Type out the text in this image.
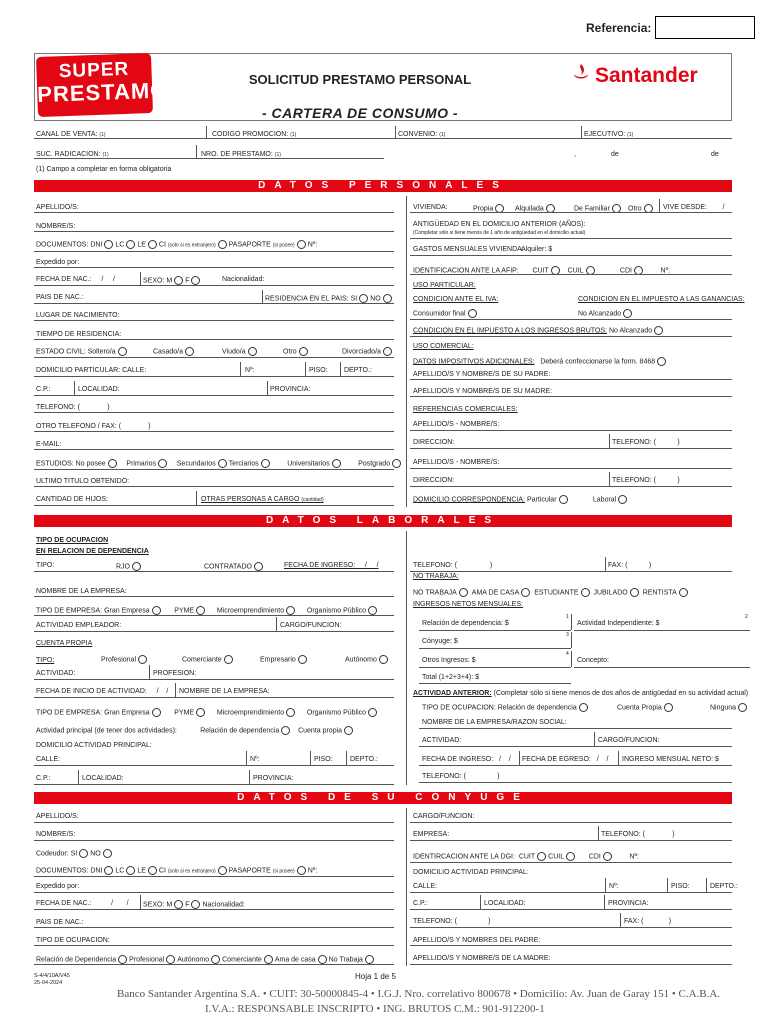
Referencia:
SUPER
PRESTAMO	SOLICITUD PRESTAMO PERSONAL
- CARTERA DE CONSUMO -
Santander
CANAL DE VENTA: (1)	CODIGO PROMOCION: (1)	CONVENIO: (1)	EJECUTIVO: (1)
SUC. RADICACION: (1)	NRO. DE PRESTAMO: (1)	,	de	de
(1) Campo a completar en forma obligatoria
DATOS PERSONALES
APELLIDO/S:
NOMBRE/S:
DOCUMENTOS: DNI LC LE CI (solo si es extranjero) PASAPORTE (si posee) Nº:
Expedido por:
FECHA DE NAC.: / /	SEXO: M F	Nacionalidad:
PAIS DE NAC.:	RESIDENCIA EN EL PAIS: SI NO
LUGAR DE NACIMIENTO:
TIEMPO DE RESIDENCIA:
ESTADO CIVIL: Soltero/a	Casado/a	Viudo/a	Otro	Divorciado/a
DOMICILIO PARTICULAR: CALLE:	Nº:	PISO: DEPTO.:
C.P.:	LOCALIDAD:	PROVINCIA:
TELEFONO: (	)
OTRO TELEFONO / FAX: (	)
E-MAIL:
ESTUDIOS: No posee	Primarios	Secundarios Terciarios	Universitarios	Postgrado
ULTIMO TITULO OBTENIDO:
CANTIDAD DE HIJOS:	OTRAS PERSONAS A CARGO (cantidad)
VIVIENDA:	Propia	Alquilada	De Familiar	Otro	VIVE DESDE: /
ANTIGÜEDAD EN EL DOMICILIO ANTERIOR (AÑOS):
(Completar sólo si tiene menos de 1 año de antigüedad en el domicilio actual)
GASTOS MENSUALES VIVIENDA:
Alquiler: $
IDENTIFICACION ANTE LA AFIP: CUIT	CUIL	CDI	Nº:
USO PARTICULAR:
CONDICION ANTE EL IVA:
Consumidor final
CONDICION EN EL IMPUESTO A LAS GANANCIAS:
No Alcanzado
CONDICION EN EL IMPUESTO A LOS INGRESOS BRUTOS: No Alcanzado
USO COMERCIAL:
DATOS IMPOSITIVOS ADICIONALES: Deberá confeccionarse la form. 8468
APELLIDO/S Y NOMBRE/S DE SU PADRE:
APELLIDO/S Y NOMBRE/S DE SU MADRE:
REFERENCIAS COMERCIALES:
APELLIDO/S - NOMBRE/S:
DIRECCION:	TELEFONO: (	)
APELLIDO/S - NOMBRE/S:
DIRECCION:	TELEFONO: (	)
DOMICILIO CORRESPONDENCIA: Particular	Laboral
DATOS LABORALES
TIPO DE OCUPACION
EN RELACION DE DEPENDENCIA
TIPO:	RJO	CONTRATADO	FECHA DE INGRESO: / /
NOMBRE DE LA EMPRESA:
TIPO DE EMPRESA: Gran Empresa	PYME	Microemprendimiento	Organismo Público
ACTIVIDAD EMPLEADOR:	CARGO/FUNCION:
CUENTA PROPIA
TIPO:	Profesional	Comerciante	Empresario	Autónomo
ACTIVIDAD:	PROFESION:
FECHA DE INICIO DE ACTIVIDAD: / / NOMBRE DE LA EMPRESA:
TIPO DE EMPRESA: Gran Empresa	PYME	Microemprendimiento	Organismo Público
Actividad principal (de tener dos actividades):	Relación de dependencia	Cuenta propia
DOMICILIO ACTIVIDAD PRINCIPAL:
CALLE:	Nº:	PISO: DEPTO.:
C.P.:	LOCALIDAD:	PROVINCIA:
TELEFONO: (	)	FAX: (	)
NO TRABAJA:
NO TRABAJA AMA DE CASA ESTUDIANTE JUBILADO RENTISTA
INGRESOS NETOS MENSUALES:
Relación de dependencia: $
1
Actividad Independiente: $
2
Cónyuge: $
3
Otros Ingresos: $
4
Concepto:
Total (1+2+3+4): $
ACTIVIDAD ANTERIOR: (Completar sólo si tiene menos de dos años de antigüedad en su actividad actual)
TIPO DE OCUPACION: Relación de dependencia	Cuenta Propia	Ninguna
NOMBRE DE LA EMPRESA/RAZON SOCIAL:
ACTIVIDAD:	CARGO/FUNCION:
FECHA DE INGRESO: / / FECHA DE EGRESO: / / INGRESO MENSUAL NETO: $
TELEFONO: (	)
DATOS DE SU CONYUGE
APELLIDO/S:
NOMBRE/S:
Codeudor: SI NO
DOCUMENTOS: DNI LC LE CI (solo si es extranjero) PASAPORTE (si posee) Nº:
Expedido por:
FECHA DE NAC.:	/ / SEXO: M F Nacionalidad:
PAIS DE NAC.:
TIPO DE OCUPACION:
Relación de Dependencia Profesional Autónomo Comerciante Ama de casa No Trabaja
CARGO/FUNCION:
EMPRESA:	TELEFONO: (	)
IDENTIRCACION ANTE LA DGI: CUIT CUIL	CDI	Nº:
DOMICILIO ACTIVIDAD PRINCIPAL:
CALLE:	Nº:	PISO:	DEPTO.:
C.P.:	LOCALIDAD:	PROVINCIA:
TELEFONO: (	)	FAX: (	)
APELLIDO/S Y NOMBRES DEL PADRE:
APELLIDO/S Y NOMBRE/S DE LA MADRE:
S-4/4/10A/V45
25-04-2024
Hoja 1 de 5
Banco Santander Argentina S.A. • CUIT: 30-50000845-4 • I.G.J. Nro. correlativo 800678 • Domicilio: Av. Juan de Garay 151 • C.A.B.A.
I.V.A.: RESPONSABLE INSCRIPTO • ING. BRUTOS C.M.: 901-912200-1
